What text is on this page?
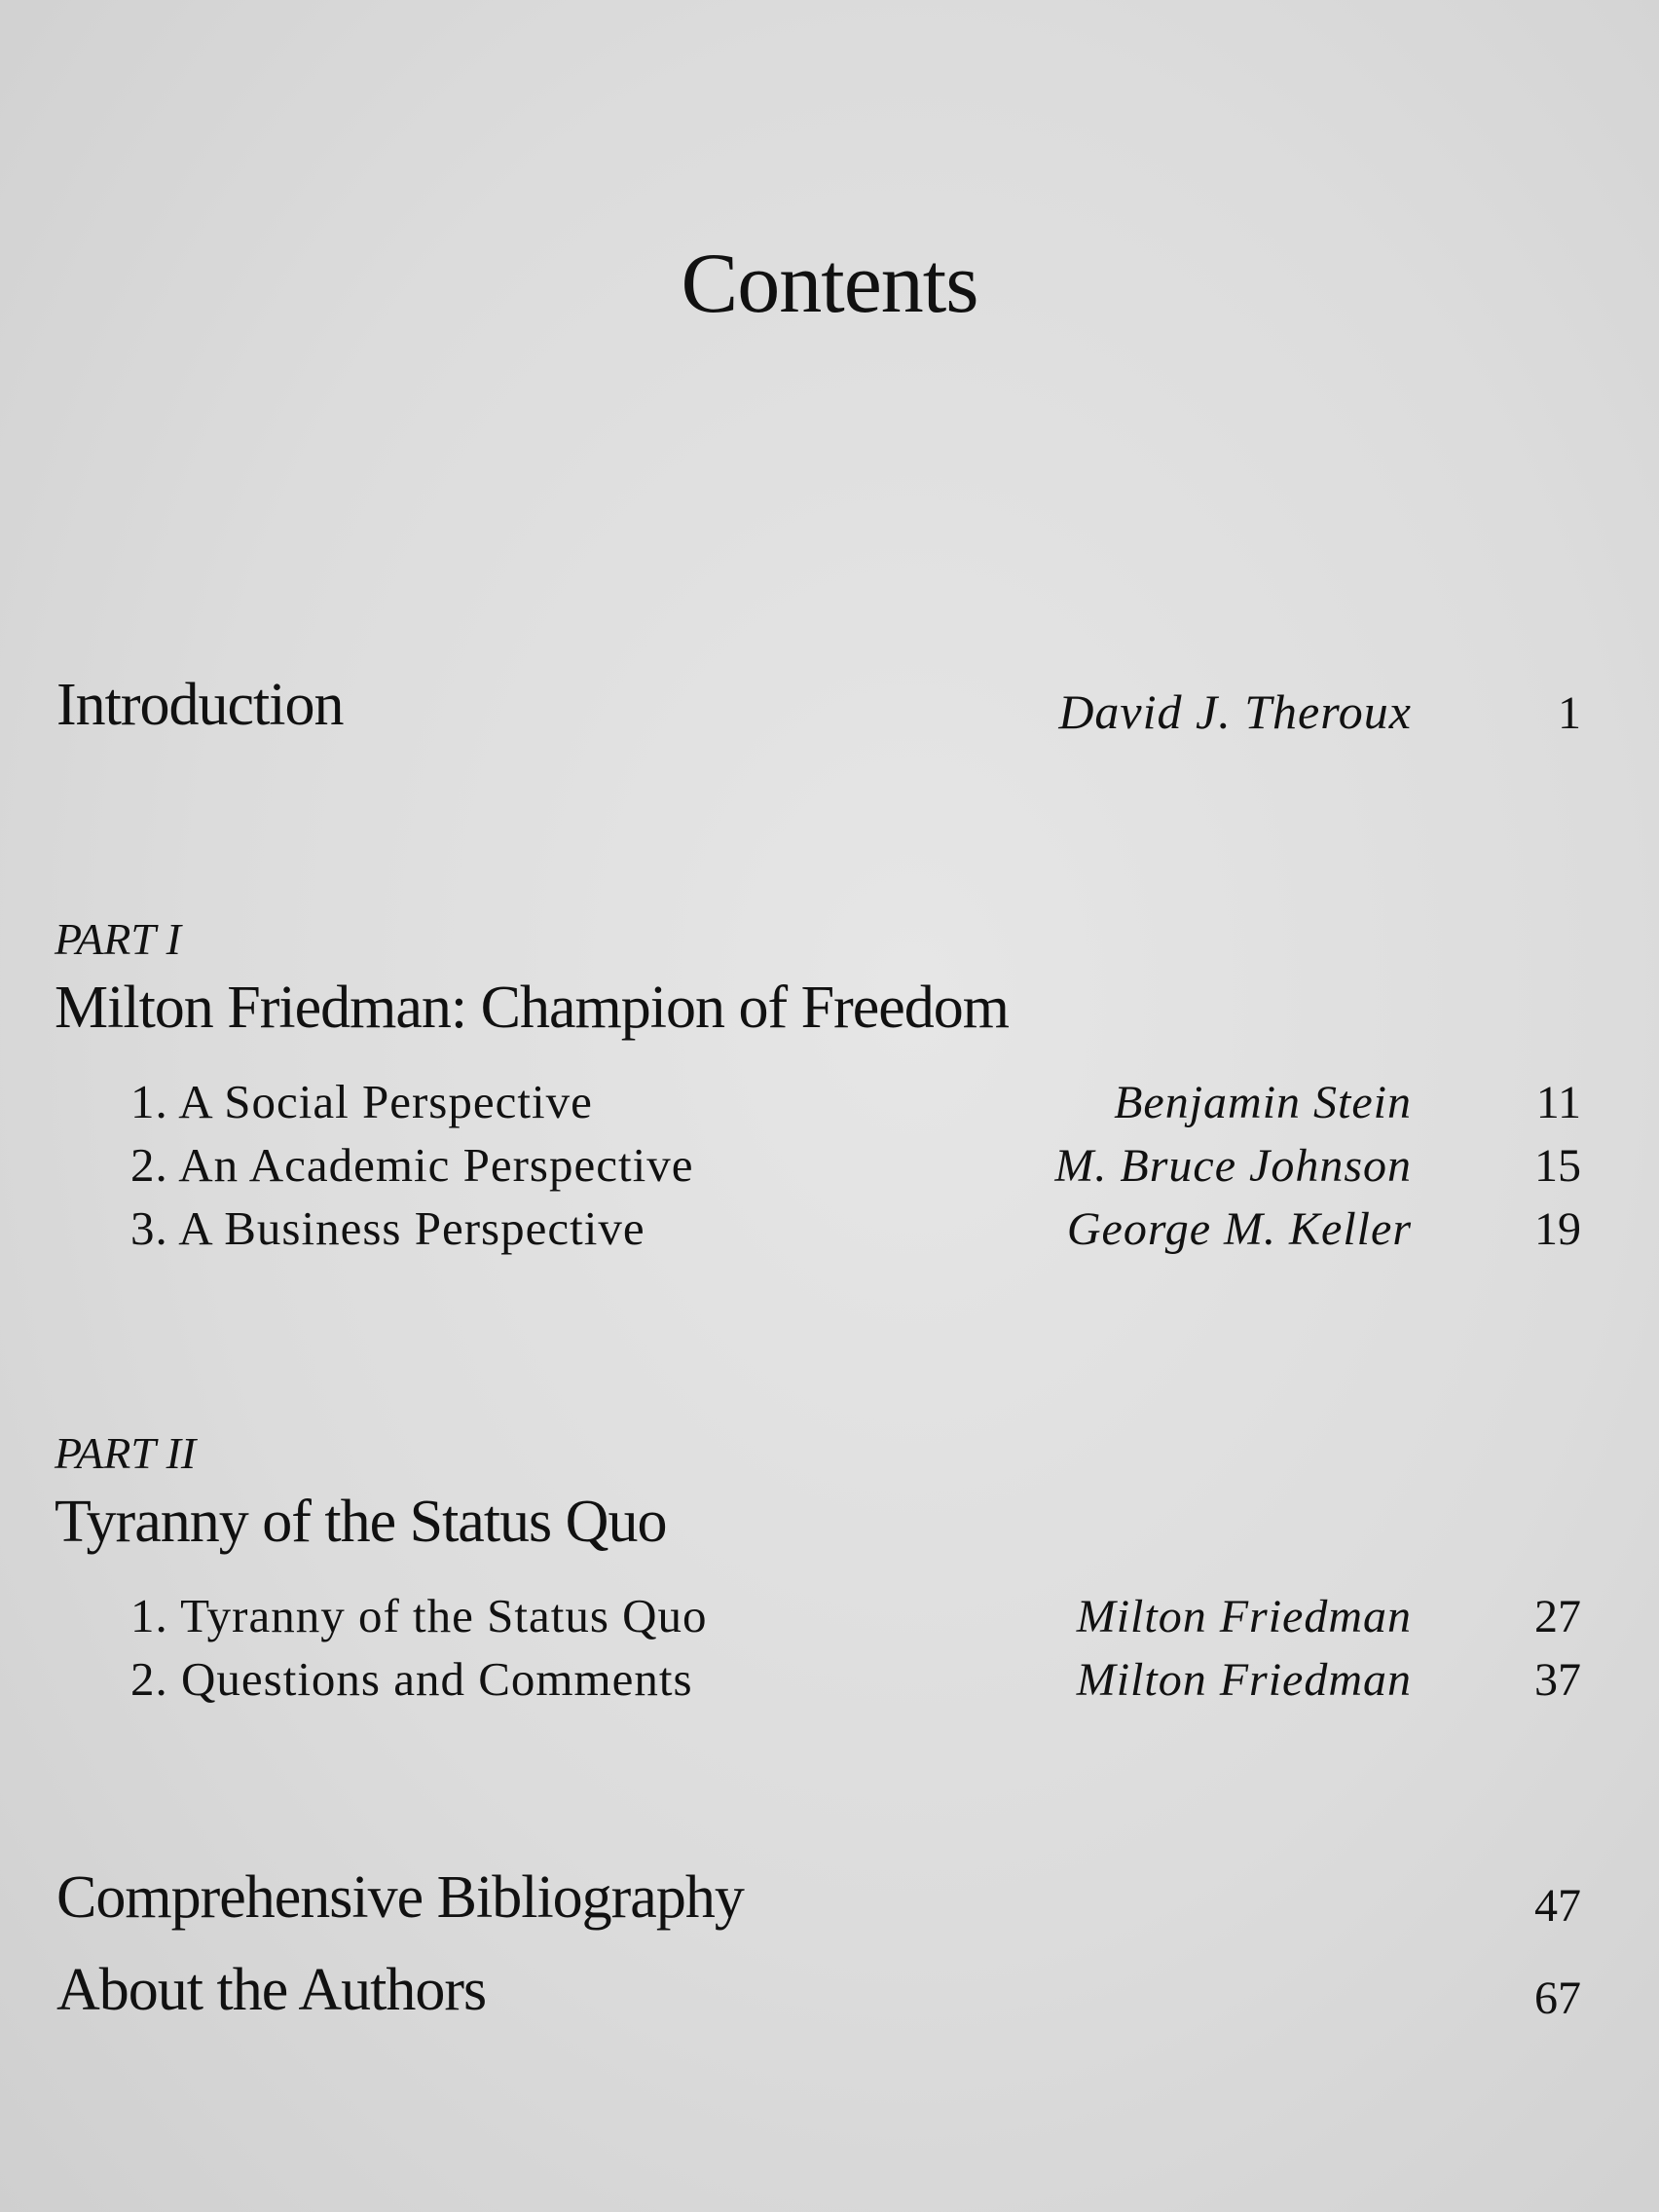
Contents
Introduction	David J. Theroux	1
PART I
Milton Friedman: Champion of Freedom
1. A Social Perspective	Benjamin Stein	11
2. An Academic Perspective	M. Bruce Johnson	15
3. A Business Perspective	George M. Keller	19
PART II
Tyranny of the Status Quo
1. Tyranny of the Status Quo	Milton Friedman	27
2. Questions and Comments	Milton Friedman	37
Comprehensive Bibliography	47
About the Authors	67
